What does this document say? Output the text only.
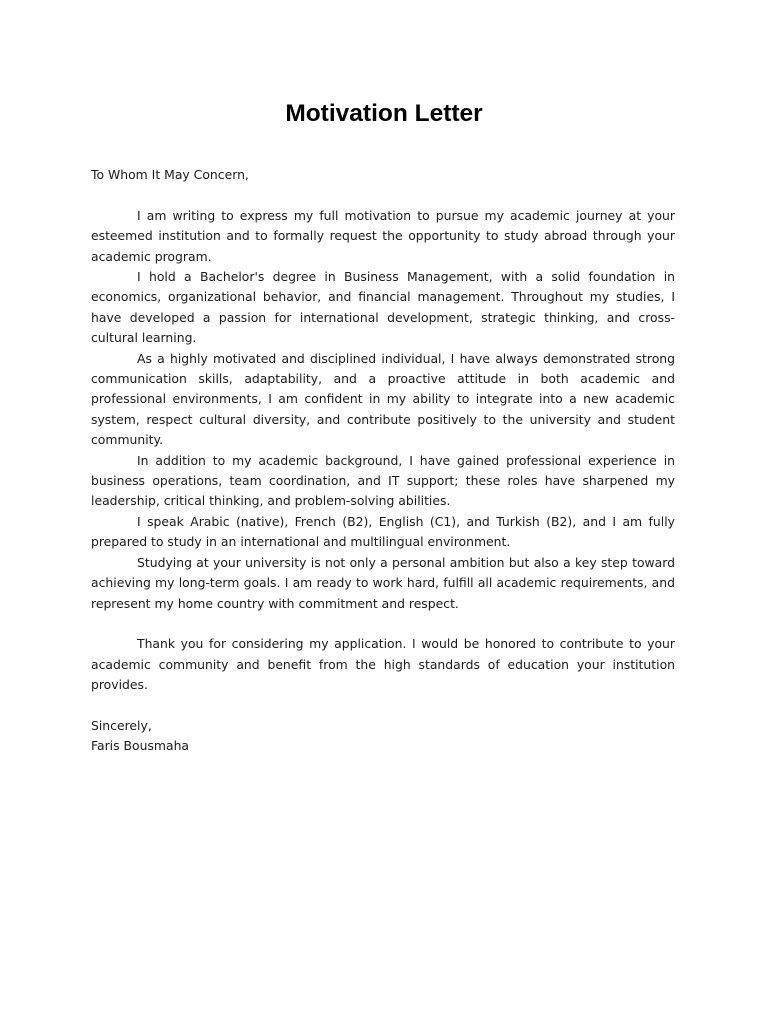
Motivation Letter

To Whom It May Concern,

I am writing to express my full motivation to pursue my academic journey at your esteemed institution and to formally request the opportunity to study abroad through your academic program.

I hold a Bachelor's degree in Business Management, with a solid foundation in economics, organizational behavior, and financial management. Throughout my studies, I have developed a passion for international development, strategic thinking, and cross-cultural learning.

As a highly motivated and disciplined individual, I have always demonstrated strong communication skills, adaptability, and a proactive attitude in both academic and professional environments, I am confident in my ability to integrate into a new academic system, respect cultural diversity, and contribute positively to the university and student community.

In addition to my academic background, I have gained professional experience in business operations, team coordination, and IT support; these roles have sharpened my leadership, critical thinking, and problem-solving abilities.

I speak Arabic (native), French (B2), English (C1), and Turkish (B2), and I am fully prepared to study in an international and multilingual environment.

Studying at your university is not only a personal ambition but also a key step toward achieving my long-term goals. I am ready to work hard, fulfill all academic requirements, and represent my home country with commitment and respect.

Thank you for considering my application. I would be honored to contribute to your academic community and benefit from the high standards of education your institution provides.

Sincerely,

Faris Bousmaha
